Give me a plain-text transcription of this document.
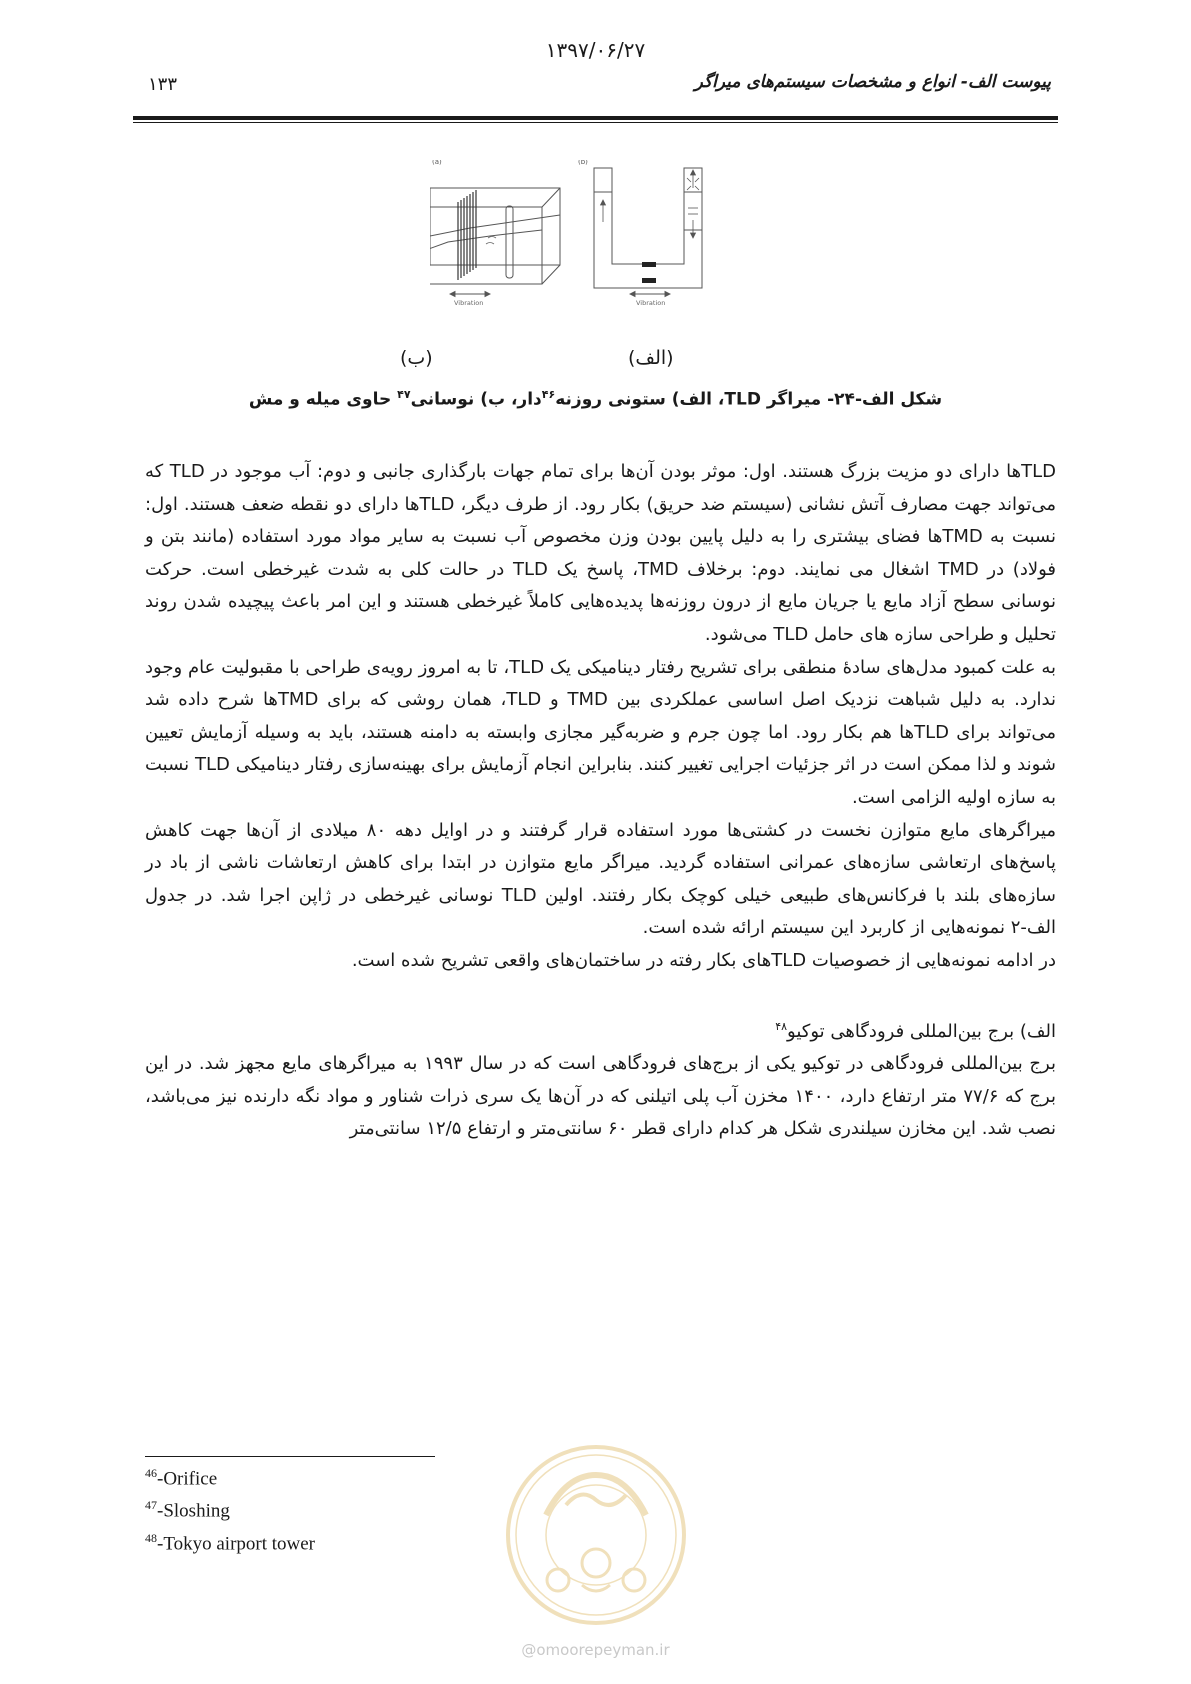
۱۳۹۷/۰۶/۲۷
۱۳۳	پیوست الف- انواع و مشخصات سیستم‌های میراگر
(a)	(b)
Vibration	Vibration
(ب)	(الف)
شکل الف-۲۴- میراگر TLD، الف) ستونی روزنه$^{۴۶}$دار، ب) نوسانی$^{۴۷}$ حاوی میله و مش

TLDها دارای دو مزیت بزرگ هستند. اول: موثر بودن آن‌ها برای تمام جهات بارگذاری جانبی و دوم: آب موجود در TLD که می‌تواند جهت مصارف آتش نشانی (سیستم ضد حریق) بکار رود. از طرف دیگر، TLDها دارای دو نقطه ضعف هستند. اول: نسبت به TMDها فضای بیشتری را به دلیل پایین بودن وزن مخصوص آب نسبت به سایر مواد مورد استفاده (مانند بتن و فولاد) در TMD اشغال می نمایند. دوم: برخلاف TMD، پاسخ یک TLD در حالت کلی به شدت غیرخطی است. حرکت نوسانی سطح آزاد مایع یا جریان مایع از درون روزنه‌ها پدیده‌هایی کاملاً غیرخطی هستند و این امر باعث پیچیده شدن روند تحلیل و طراحی سازه های حامل TLD می‌شود.

به علت کمبود مدل‌های سادهٔ منطقی برای تشریح رفتار دینامیکی یک TLD، تا به امروز رویه‌ی طراحی با مقبولیت عام وجود ندارد. به دلیل شباهت نزدیک اصل اساسی عملکردی بین TMD و TLD، همان روشی که برای TMDها شرح داده شد می‌تواند برای TLDها هم بکار رود. اما چون جرم و ضربه‌گیر مجازی وابسته به دامنه هستند، باید به وسیله آزمایش تعیین شوند و لذا ممکن است در اثر جزئیات اجرایی تغییر کنند. بنابراین انجام آزمایش برای بهینه‌سازی رفتار دینامیکی TLD نسبت به سازه اولیه الزامی است.

میراگرهای مایع متوازن نخست در کشتی‌ها مورد استفاده قرار گرفتند و در اوایل دهه ۸۰ میلادی از آن‌ها جهت کاهش پاسخ‌های ارتعاشی سازه‌های عمرانی استفاده گردید. میراگر مایع متوازن در ابتدا برای کاهش ارتعاشات ناشی از باد در سازه‌های بلند با فرکانس‌های طبیعی خیلی کوچک بکار رفتند. اولین TLD نوسانی غیرخطی در ژاپن اجرا شد. در جدول الف-۲ نمونه‌هایی از کاربرد این سیستم ارائه شده است.

در ادامه نمونه‌هایی از خصوصیات TLDهای بکار رفته در ساختمان‌های واقعی تشریح شده است.

الف) برج بین‌المللی فرودگاهی توکیو$^{۴۸}$

برج بین‌المللی فرودگاهی در توکیو یکی از برج‌های فرودگاهی است که در سال ۱۹۹۳ به میراگرهای مایع مجهز شد. در این برج که ۷۷/۶ متر ارتفاع دارد، ۱۴۰۰ مخزن آب پلی اتیلنی که در آن‌ها یک سری ذرات شناور و مواد نگه دارنده نیز می‌باشد، نصب شد. این مخازن سیلندری شکل هر کدام دارای قطر ۶۰ سانتی‌متر و ارتفاع ۱۲/۵ سانتی‌متر

$^{46}$-Orifice
$^{47}$-Sloshing
$^{48}$-Tokyo airport tower
@omoorepeyman.ir
